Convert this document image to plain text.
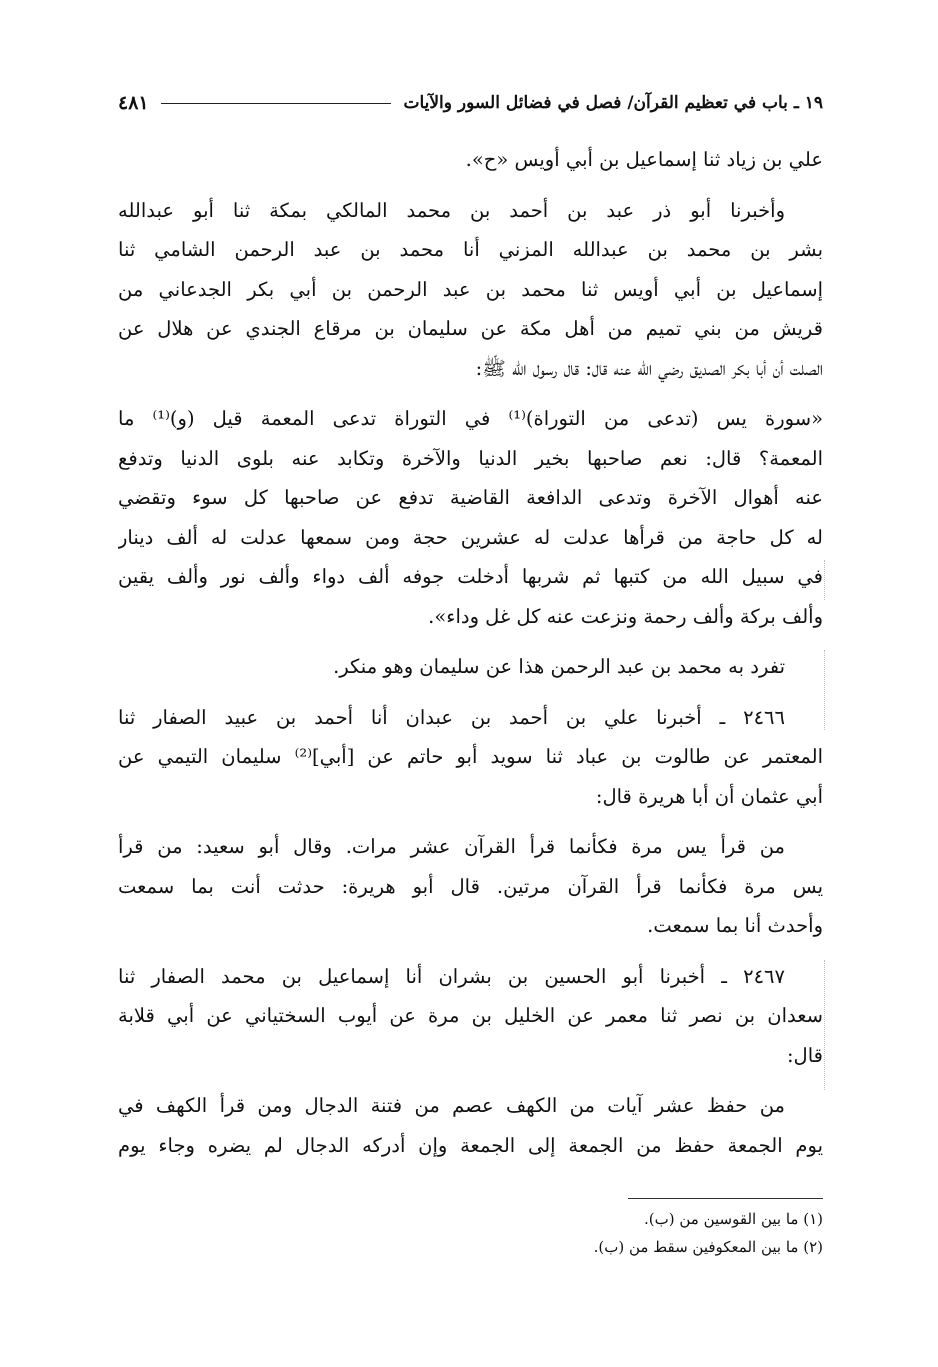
١٩ ـ باب في تعظيم القرآن/ فصل في فضائل السور والآيات
٤٨١
علي بن زياد ثنا إسماعيل بن أبي أويس «ح».
وأخبرنا أبو ذر عبد بن أحمد بن محمد المالكي بمكة ثنا أبو عبدالله
بشر بن محمد بن عبدالله المزني أنا محمد بن عبد الرحمن الشامي ثنا
إسماعيل بن أبي أويس ثنا محمد بن عبد الرحمن بن أبي بكر الجدعاني من
قريش من بني تميم من أهل مكة عن سليمان بن مرقاع الجندي عن هلال عن
الصلت أن أبا بكر الصديق رضي الله عنه قال: قال رسول الله ﷺ:
«سورة يس (تدعى من التوراة)⁽¹⁾ في التوراة تدعى المعمة قيل (و)⁽¹⁾ ما
المعمة؟ قال: نعم صاحبها بخير الدنيا والآخرة وتكابد عنه بلوى الدنيا وتدفع
عنه أهوال الآخرة وتدعى الدافعة القاضية تدفع عن صاحبها كل سوء وتقضي
له كل حاجة من قرأها عدلت له عشرين حجة ومن سمعها عدلت له ألف دينار
في سبيل الله من كتبها ثم شربها أدخلت جوفه ألف دواء وألف نور وألف يقين
وألف بركة وألف رحمة ونزعت عنه كل غل وداء».
تفرد به محمد بن عبد الرحمن هذا عن سليمان وهو منكر.
٢٤٦٦ ـ أخبرنا علي بن أحمد بن عبدان أنا أحمد بن عبيد الصفار ثنا
المعتمر عن طالوت بن عباد ثنا سويد أبو حاتم عن [أبي]⁽²⁾ سليمان التيمي عن
أبي عثمان أن أبا هريرة قال:
من قرأ يس مرة فكأنما قرأ القرآن عشر مرات. وقال أبو سعيد: من قرأ
يس مرة فكأنما قرأ القرآن مرتين. قال أبو هريرة: حدثت أنت بما سمعت
وأحدث أنا بما سمعت.
٢٤٦٧ ـ أخبرنا أبو الحسين بن بشران أنا إسماعيل بن محمد الصفار ثنا
سعدان بن نصر ثنا معمر عن الخليل بن مرة عن أيوب السختياني عن أبي قلابة
قال:
من حفظ عشر آيات من الكهف عصم من فتنة الدجال ومن قرأ الكهف في
يوم الجمعة حفظ من الجمعة إلى الجمعة وإن أدركه الدجال لم يضره وجاء يوم
(١) ما بين القوسين من (ب).
(٢) ما بين المعكوفين سقط من (ب).
